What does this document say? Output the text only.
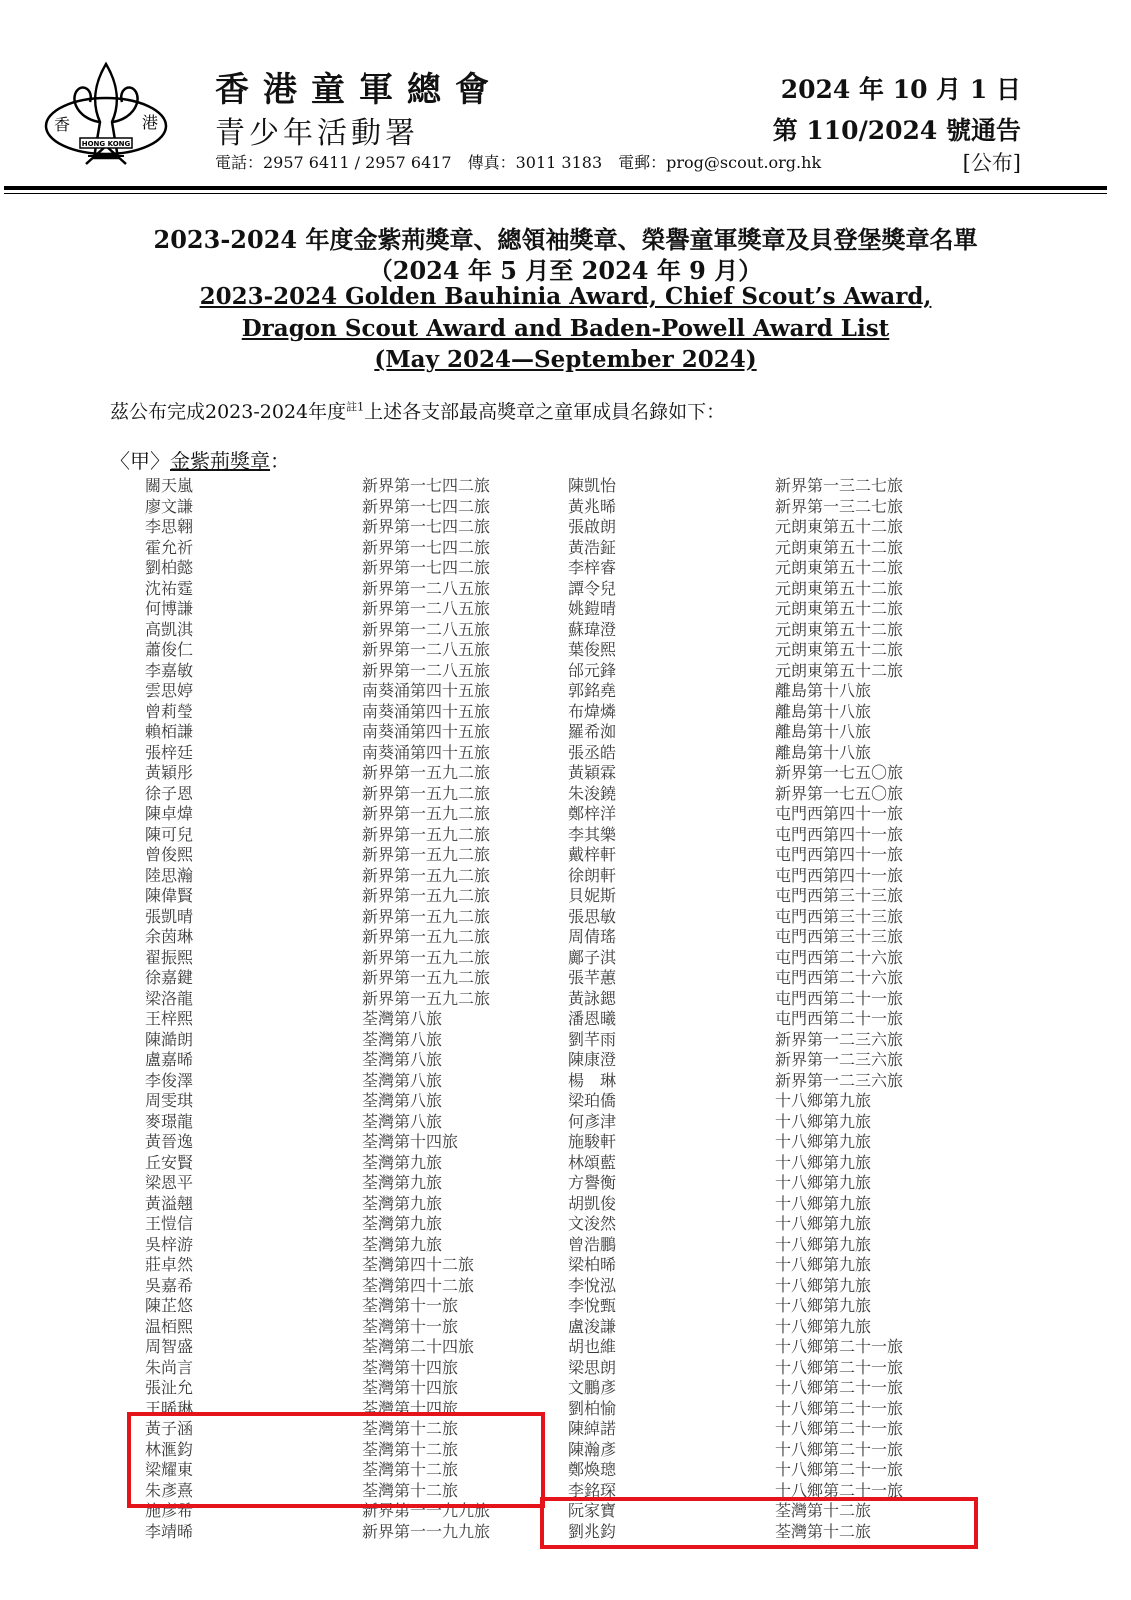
HONG KONG
香	港
香港童軍總會
青少年活動署
電話：2957 6411 / 2957 6417　傳真：3011 3183　電郵：prog@scout.org.hk
2024 年 10 月 1 日
第 110/2024 號通告
[公布]
2023-2024 年度金紫荊獎章、總領袖獎章、榮譽童軍獎章及貝登堡獎章名單
（2024 年 5 月至 2024 年 9 月）
2023-2024 Golden Bauhinia Award, Chief Scout’s Award,
Dragon Scout Award and Baden-Powell Award List
(May 2024—September 2024)
茲公布完成2023-2024年度$^{註1}$上述各支部最高獎章之童軍成員名錄如下：
〈甲〉金紫荊獎章：
關天嵐	新界第一七四二旅	陳凱怡	新界第一三二七旅
廖文謙	新界第一七四二旅	黃兆晞	新界第一三二七旅
李思翱	新界第一七四二旅	張啟朗	元朗東第五十二旅
霍允祈	新界第一七四二旅	黃浩鉦	元朗東第五十二旅
劉柏懿	新界第一七四二旅	李梓睿	元朗東第五十二旅
沈祐霆	新界第一二八五旅	譚令兒	元朗東第五十二旅
何博謙	新界第一二八五旅	姚鎧晴	元朗東第五十二旅
高凱淇	新界第一二八五旅	蘇瑋澄	元朗東第五十二旅
蕭俊仁	新界第一二八五旅	葉俊熙	元朗東第五十二旅
李嘉敏	新界第一二八五旅	邰元鋒	元朗東第五十二旅
雲思婷	南葵涌第四十五旅	郭銘堯	離島第十八旅
曾莉瑩	南葵涌第四十五旅	布煒燐	離島第十八旅
賴栢謙	南葵涌第四十五旅	羅希洳	離島第十八旅
張梓廷	南葵涌第四十五旅	張丞皓	離島第十八旅
黃穎彤	新界第一五九二旅	黃穎霖	新界第一七五〇旅
徐子恩	新界第一五九二旅	朱浚鐃	新界第一七五〇旅
陳卓煒	新界第一五九二旅	鄭梓洋	屯門西第四十一旅
陳可兒	新界第一五九二旅	李其樂	屯門西第四十一旅
曾俊熙	新界第一五九二旅	戴梓軒	屯門西第四十一旅
陸思瀚	新界第一五九二旅	徐朗軒	屯門西第四十一旅
陳偉賢	新界第一五九二旅	貝妮斯	屯門西第三十三旅
張凱晴	新界第一五九二旅	張思敏	屯門西第三十三旅
余茵琳	新界第一五九二旅	周倩瑤	屯門西第三十三旅
翟振熙	新界第一五九二旅	鄺子淇	屯門西第二十六旅
徐嘉鍵	新界第一五九二旅	張芊蕙	屯門西第二十六旅
梁洛龍	新界第一五九二旅	黃詠鍶	屯門西第二十一旅
王梓熙	荃灣第八旅	潘恩曦	屯門西第二十一旅
陳澔朗	荃灣第八旅	劉芊雨	新界第一二三六旅
盧嘉晞	荃灣第八旅	陳康澄	新界第一二三六旅
李俊澤	荃灣第八旅	楊　琳	新界第一二三六旅
周雯琪	荃灣第八旅	梁珀僑	十八鄉第九旅
麥璟龍	荃灣第八旅	何彥津	十八鄉第九旅
黃晉逸	荃灣第十四旅	施駿軒	十八鄉第九旅
丘安賢	荃灣第九旅	林頌藍	十八鄉第九旅
梁恩平	荃灣第九旅	方譽衡	十八鄉第九旅
黃溢翹	荃灣第九旅	胡凱俊	十八鄉第九旅
王愷信	荃灣第九旅	文浚然	十八鄉第九旅
吳梓游	荃灣第九旅	曾浩鵬	十八鄉第九旅
莊卓然	荃灣第四十二旅	梁柏晞	十八鄉第九旅
吳嘉希	荃灣第四十二旅	李悅泓	十八鄉第九旅
陳芷悠	荃灣第十一旅	李悅甄	十八鄉第九旅
温栢熙	荃灣第十一旅	盧浚謙	十八鄉第九旅
周智盛	荃灣第二十四旅	胡也維	十八鄉第二十一旅
朱尚言	荃灣第十四旅	梁思朗	十八鄉第二十一旅
張沚允	荃灣第十四旅	文鵬彥	十八鄉第二十一旅
王晞琳	荃灣第十四旅	劉柏愉	十八鄉第二十一旅
黃子涵	荃灣第十二旅	陳綽諾	十八鄉第二十一旅
林滙鈞	荃灣第十二旅	陳瀚彥	十八鄉第二十一旅
梁耀東	荃灣第十二旅	鄭煥璁	十八鄉第二十一旅
朱彥熹	荃灣第十二旅	李銘琛	十八鄉第二十一旅
施彥希	新界第一一九九旅	阮家寶	荃灣第十二旅
李靖晞	新界第一一九九旅	劉兆鈞	荃灣第十二旅
